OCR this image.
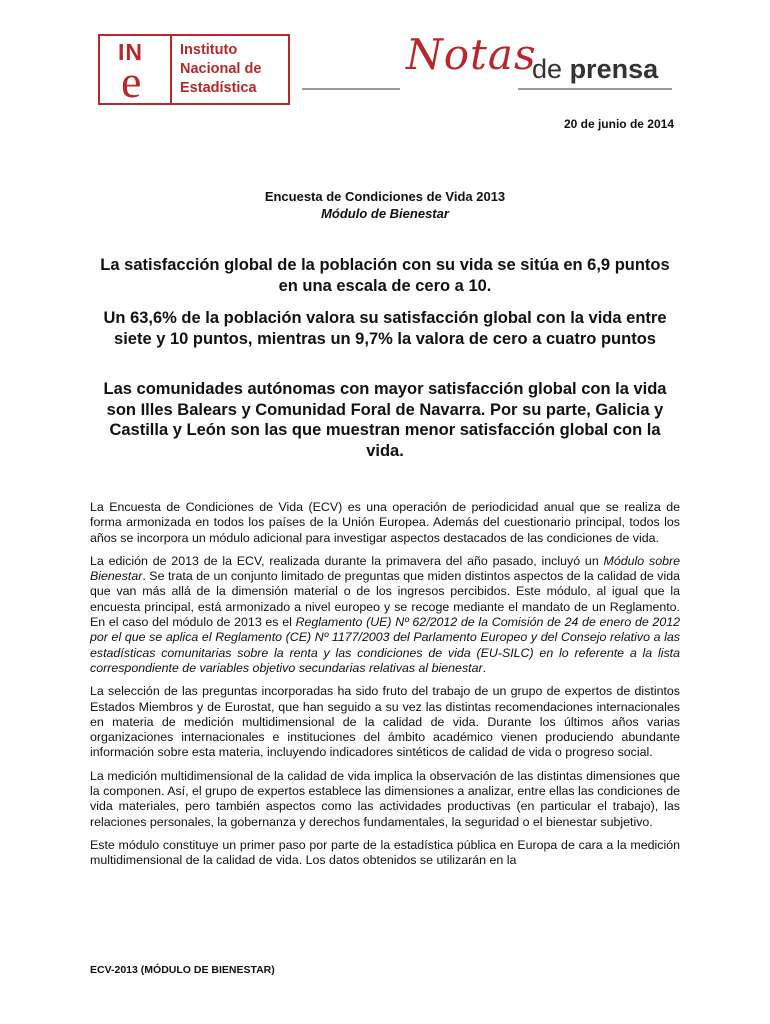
IN
e
Instituto
Nacional de
Estadística
Notas
de prensa
20 de junio de 2014
Encuesta de Condiciones de Vida 2013
Módulo de Bienestar

La satisfacción global de la población con su vida se sitúa en 6,9 puntos en una escala de cero a 10.

Un 63,6% de la población valora su satisfacción global con la vida entre siete y 10 puntos, mientras un 9,7% la valora de cero a cuatro puntos

Las comunidades autónomas con mayor satisfacción global con la vida son Illes Balears y Comunidad Foral de Navarra. Por su parte, Galicia y Castilla y León son las que muestran menor satisfacción global con la vida.

La Encuesta de Condiciones de Vida (ECV) es una operación de periodicidad anual que se realiza de forma armonizada en todos los países de la Unión Europea. Además del cuestionario principal, todos los años se incorpora un módulo adicional para investigar aspectos destacados de las condiciones de vida.

La edición de 2013 de la ECV, realizada durante la primavera del año pasado, incluyó un Módulo sobre Bienestar. Se trata de un conjunto limitado de preguntas que miden distintos aspectos de la calidad de vida que van más allá de la dimensión material o de los ingresos percibidos. Este módulo, al igual que la encuesta principal, está armonizado a nivel europeo y se recoge mediante el mandato de un Reglamento. En el caso del módulo de 2013 es el Reglamento (UE) Nº 62/2012 de la Comisión de 24 de enero de 2012 por el que se aplica el Reglamento (CE) Nº 1177/2003 del Parlamento Europeo y del Consejo relativo a las estadísticas comunitarias sobre la renta y las condiciones de vida (EU-SILC) en lo referente a la lista correspondiente de variables objetivo secundarias relativas al bienestar.

La selección de las preguntas incorporadas ha sido fruto del trabajo de un grupo de expertos de distintos Estados Miembros y de Eurostat, que han seguido a su vez las distintas recomendaciones internacionales en materia de medición multidimensional de la calidad de vida. Durante los últimos años varias organizaciones internacionales e instituciones del ámbito académico vienen produciendo abundante información sobre esta materia, incluyendo indicadores sintéticos de calidad de vida o progreso social.

La medición multidimensional de la calidad de vida implica la observación de las distintas dimensiones que la componen. Así, el grupo de expertos establece las dimensiones a analizar, entre ellas las condiciones de vida materiales, pero también aspectos como las actividades productivas (en particular el trabajo), las relaciones personales, la gobernanza y derechos fundamentales, la seguridad o el bienestar subjetivo.

Este módulo constituye un primer paso por parte de la estadística pública en Europa de cara a la medición multidimensional de la calidad de vida. Los datos obtenidos se utilizarán en la

ECV-2013 (MÓDULO DE BIENESTAR)
